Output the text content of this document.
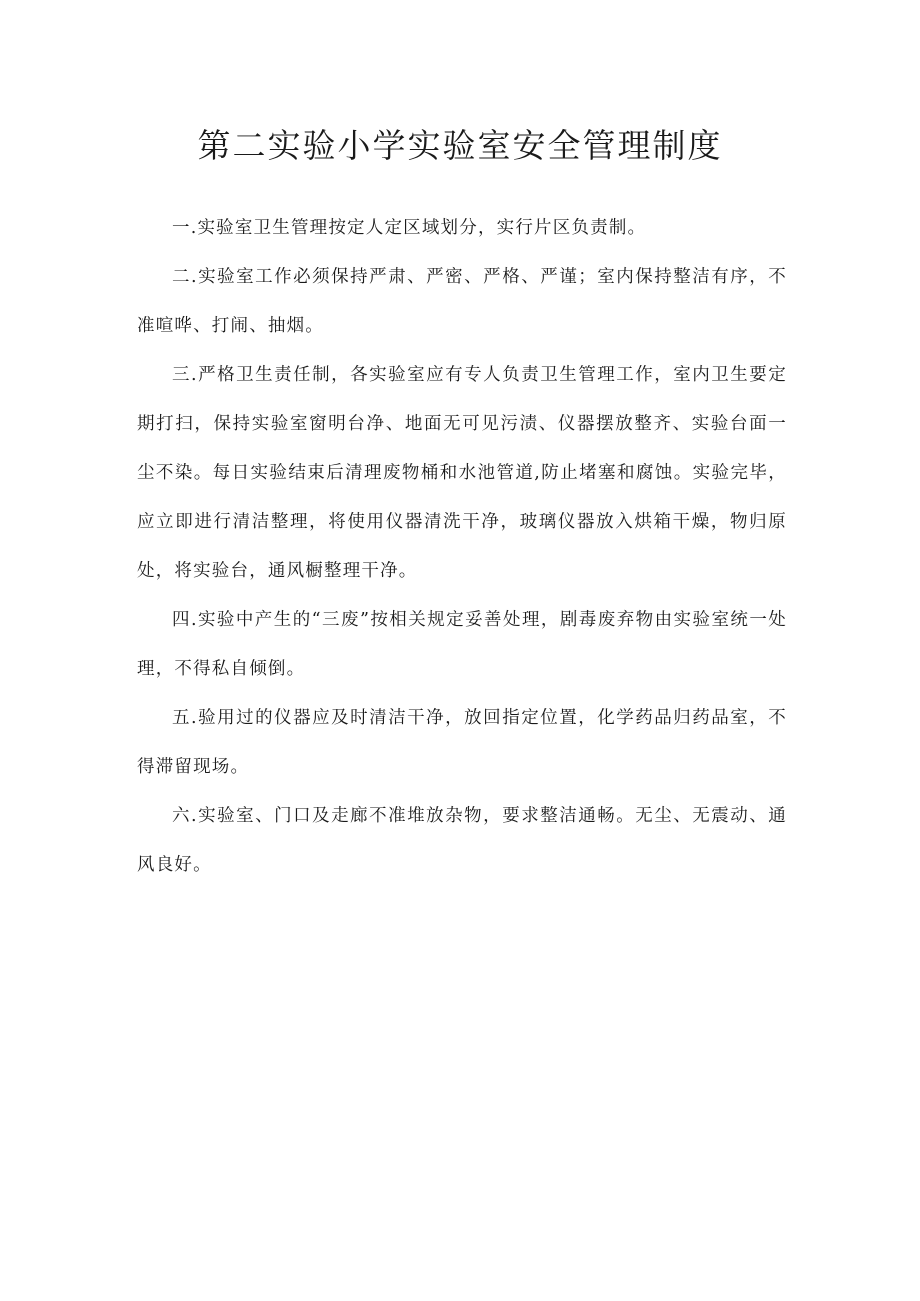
第二实验小学实验室安全管理制度

一.实验室卫生管理按定人定区域划分，实行片区负责制。

二.实验室工作必须保持严肃、严密、严格、严谨；室内保持整洁有序，不准喧哗、打闹、抽烟。

三.严格卫生责任制，各实验室应有专人负责卫生管理工作，室内卫生要定期打扫，保持实验室窗明台净、地面无可见污渍、仪器摆放整齐、实验台面一尘不染。每日实验结束后清理废物桶和水池管道,防止堵塞和腐蚀。实验完毕，应立即进行清洁整理，将使用仪器清洗干净，玻璃仪器放入烘箱干燥，物归原处，将实验台，通风橱整理干净。

四.实验中产生的“三废”按相关规定妥善处理，剧毒废弃物由实验室统一处理，不得私自倾倒。

五.验用过的仪器应及时清洁干净，放回指定位置，化学药品归药品室，不得滞留现场。

六.实验室、门口及走廊不准堆放杂物，要求整洁通畅。无尘、无震动、通风良好。
